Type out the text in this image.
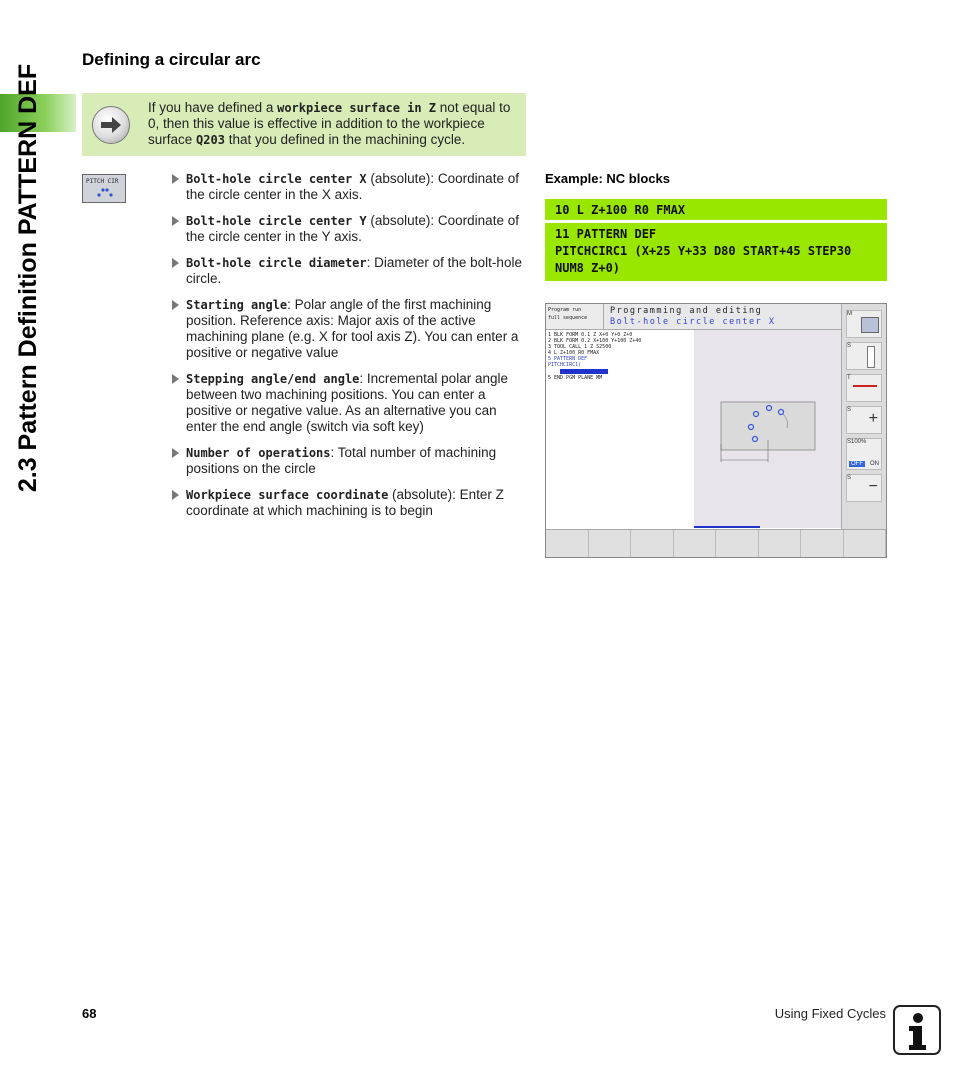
2.3 Pattern Definition PATTERN DEF
Defining a circular arc
If you have defined a workpiece surface in Z not equal to 0, then this value is effective in addition to the workpiece surface Q203 that you defined in the machining cycle.
PITCH CIR	Bolt-hole circle center X (absolute): Coordinate of the circle center in the X axis.
Bolt-hole circle center Y (absolute): Coordinate of the circle center in the Y axis.
Bolt-hole circle diameter: Diameter of the bolt-hole circle.
Starting angle: Polar angle of the first machining position. Reference axis: Major axis of the active machining plane (e.g. X for tool axis Z). You can enter a positive or negative value
Stepping angle/end angle: Incremental polar angle between two machining positions. You can enter a positive or negative value. As an alternative you can enter the end angle (switch via soft key)
Number of operations: Total number of machining positions on the circle
Workpiece surface coordinate (absolute): Enter Z coordinate at which machining is to begin
Example: NC blocks
10 L Z+100 R0 FMAX
11 PATTERN DEF
PITCHCIRC1 (X+25 Y+33 D80 START+45 STEP30
NUM8 Z+0)
Program run
full sequence
Programming and editing
Bolt-hole circle center X
1 BLK FORM 0.1 Z X+0 Y+0 Z+0
2 BLK FORM 0.2 X+100 Y+100 Z+40
3 TOOL CALL 1 Z S2500
4 L Z+100 R0 FMAX
5 PATTERN DEF
PITCHCIRC1(
5 END PGM PLANE MM
M
S
T
S +
S100%
OFF	ON
S −
68	Using Fixed Cycles
